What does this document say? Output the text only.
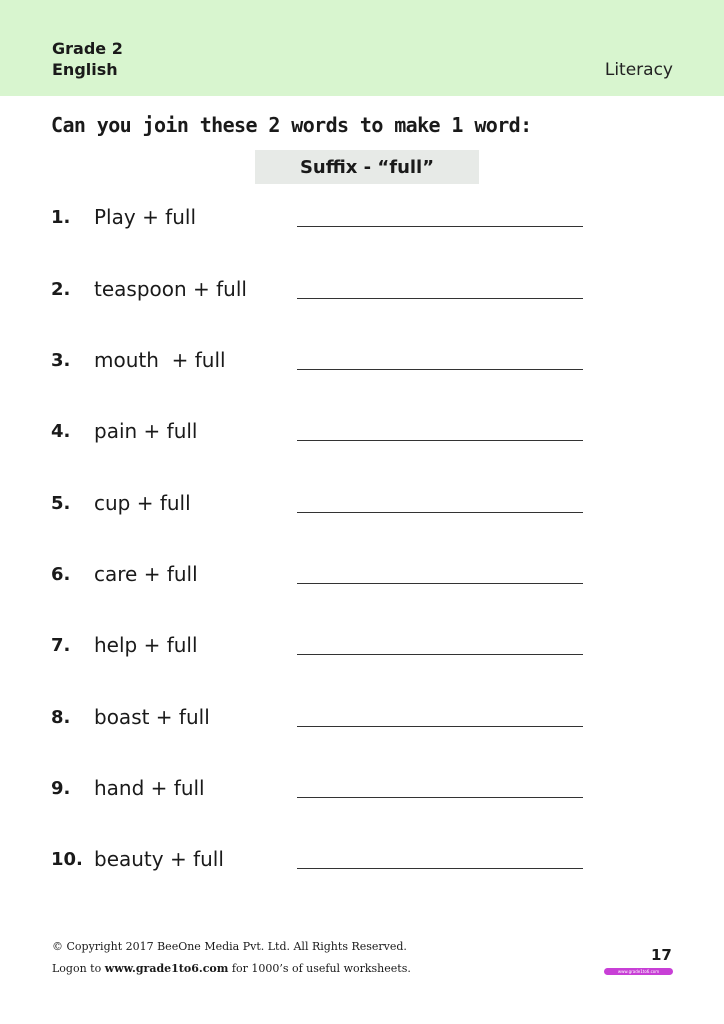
Grade 2
English	Literacy
Can you join these 2 words to make 1 word:
Suffix - “full”
1. Play + full
2. teaspoon + full
3. mouth  + full
4. pain + full
5. cup + full
6. care + full
7. help + full
8. boast + full
9. hand + full
10. beauty + full
© Copyright 2017 BeeOne Media Pvt. Ltd. All Rights Reserved.
Logon to www.grade1to6.com for 1000’s of useful worksheets.
17
www.grade1to6.com
